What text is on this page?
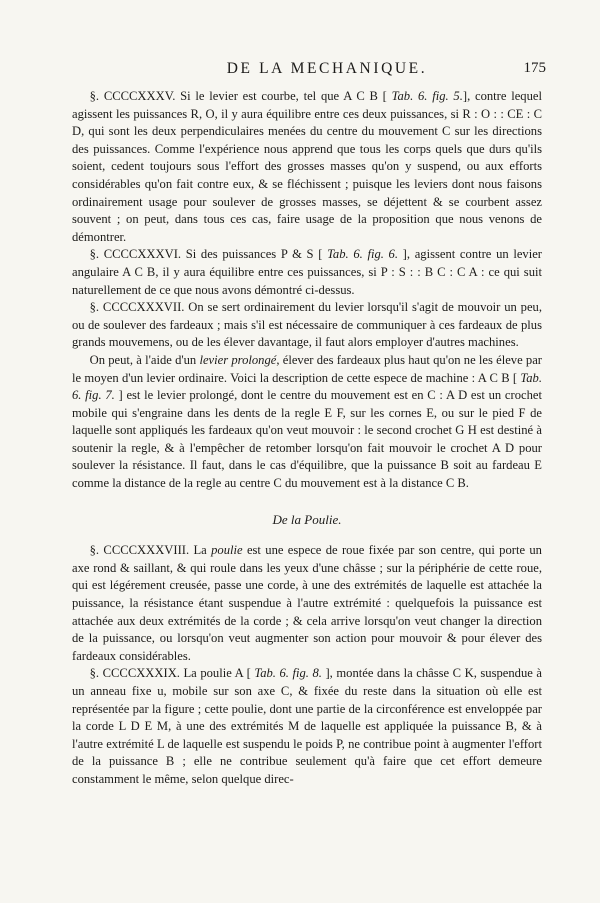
DE LA MECHANIQUE.	175

§. CCCCXXXV. Si le levier est courbe, tel que A C B [ Tab. 6. fig. 5.], contre lequel agissent les puissances R, O, il y aura équilibre entre ces deux puissances, si R : O : : CE : C D, qui sont les deux perpendiculaires menées du centre du mouvement C sur les directions des puissances. Comme l'expérience nous apprend que tous les corps quels que durs qu'ils soient, cedent toujours sous l'effort des grosses masses qu'on y suspend, ou aux efforts considérables qu'on fait contre eux, & se fléchissent ; puisque les leviers dont nous faisons ordinairement usage pour soulever de grosses masses, se déjettent & se courbent assez souvent ; on peut, dans tous ces cas, faire usage de la proposition que nous venons de démontrer.

§. CCCCXXXVI. Si des puissances P & S [ Tab. 6. fig. 6. ], agissent contre un levier angulaire A C B, il y aura équilibre entre ces puissances, si P : S : : B C : C A : ce qui suit naturellement de ce que nous avons démontré ci-dessus.

§. CCCCXXXVII. On se sert ordinairement du levier lorsqu'il s'agit de mouvoir un peu, ou de soulever des fardeaux ; mais s'il est nécessaire de communiquer à ces fardeaux de plus grands mouvemens, ou de les élever davantage, il faut alors employer d'autres machines.

On peut, à l'aide d'un levier prolongé, élever des fardeaux plus haut qu'on ne les éleve par le moyen d'un levier ordinaire. Voici la description de cette espece de machine : A C B [ Tab. 6. fig. 7. ] est le levier prolongé, dont le centre du mouvement est en C : A D est un crochet mobile qui s'engraine dans les dents de la regle E F, sur les cornes E, ou sur le pied F de laquelle sont appliqués les fardeaux qu'on veut mouvoir : le second crochet G H est destiné à soutenir la regle, & à l'empêcher de retomber lorsqu'on fait mouvoir le crochet A D pour soulever la résistance. Il faut, dans le cas d'équilibre, que la puissance B soit au fardeau E comme la distance de la regle au centre C du mouvement est à la distance C B.

De la Poulie.

§. CCCCXXXVIII. La poulie est une espece de roue fixée par son centre, qui porte un axe rond & saillant, & qui roule dans les yeux d'une châsse ; sur la périphérie de cette roue, qui est légérement creusée, passe une corde, à une des extrémités de laquelle est attachée la puissance, la résistance étant suspendue à l'autre extrémité : quelquefois la puissance est attachée aux deux extrémités de la corde ; & cela arrive lorsqu'on veut changer la direction de la puissance, ou lorsqu'on veut augmenter son action pour mouvoir & pour élever des fardeaux considérables.

§. CCCCXXXIX. La poulie A [ Tab. 6. fig. 8. ], montée dans la châsse C K, suspendue à un anneau fixe u, mobile sur son axe C, & fixée du reste dans la situation où elle est représentée par la figure ; cette poulie, dont une partie de la circonférence est enveloppée par la corde L D E M, à une des extrémités M de laquelle est appliquée la puissance B, & à l'autre extrémité L de laquelle est suspendu le poids P, ne contribue point à augmenter l'effort de la puissance B ; elle ne contribue seulement qu'à faire que cet effort demeure constamment le même, selon quelque direc-
